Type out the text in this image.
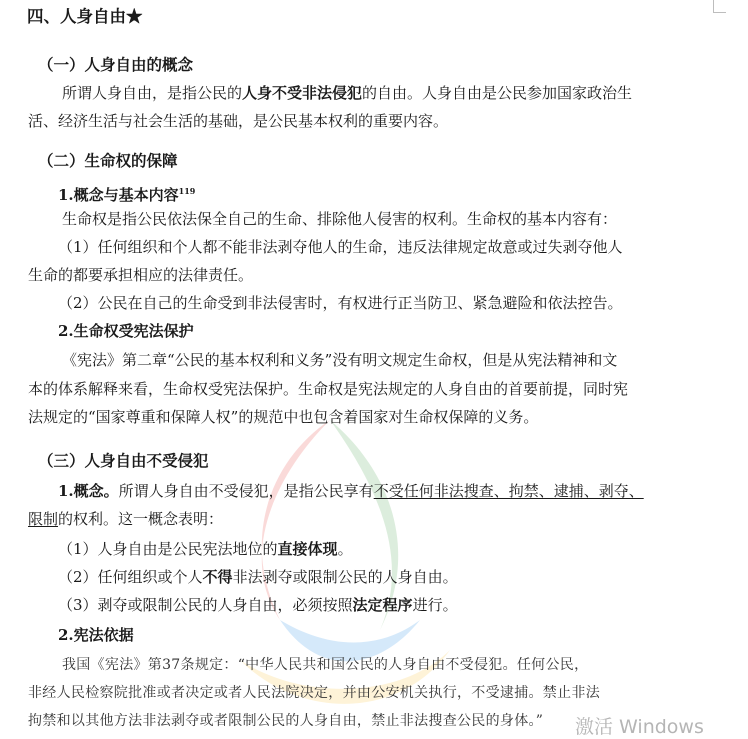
四、人身自由★
（一）人身自由的概念
所谓人身自由，是指公民的人身不受非法侵犯的自由。人身自由是公民参加国家政治生
活、经济生活与社会生活的基础，是公民基本权利的重要内容。
（二）生命权的保障
1.概念与基本内容$^{119}$
生命权是指公民依法保全自己的生命、排除他人侵害的权利。生命权的基本内容有：
（1）任何组织和个人都不能非法剥夺他人的生命，违反法律规定故意或过失剥夺他人
生命的都要承担相应的法律责任。
（2）公民在自己的生命受到非法侵害时，有权进行正当防卫、紧急避险和依法控告。
2.生命权受宪法保护
《宪法》第二章“公民的基本权利和义务”没有明文规定生命权，但是从宪法精神和文
本的体系解释来看，生命权受宪法保护。生命权是宪法规定的人身自由的首要前提，同时宪
法规定的“国家尊重和保障人权”的规范中也包含着国家对生命权保障的义务。
（三）人身自由不受侵犯
1.概念。所谓人身自由不受侵犯，是指公民享有不受任何非法搜查、拘禁、逮捕、剥夺、
限制的权利。这一概念表明：
（1）人身自由是公民宪法地位的直接体现。
（2）任何组织或个人不得非法剥夺或限制公民的人身自由。
（3）剥夺或限制公民的人身自由，必须按照法定程序进行。
2.宪法依据
我国《宪法》第37条规定：“中华人民共和国公民的人身自由不受侵犯。任何公民，
非经人民检察院批准或者决定或者人民法院决定，并由公安机关执行，不受逮捕。禁止非法
拘禁和以其他方法非法剥夺或者限制公民的人身自由，禁止非法搜查公民的身体。” 激活 Windows
